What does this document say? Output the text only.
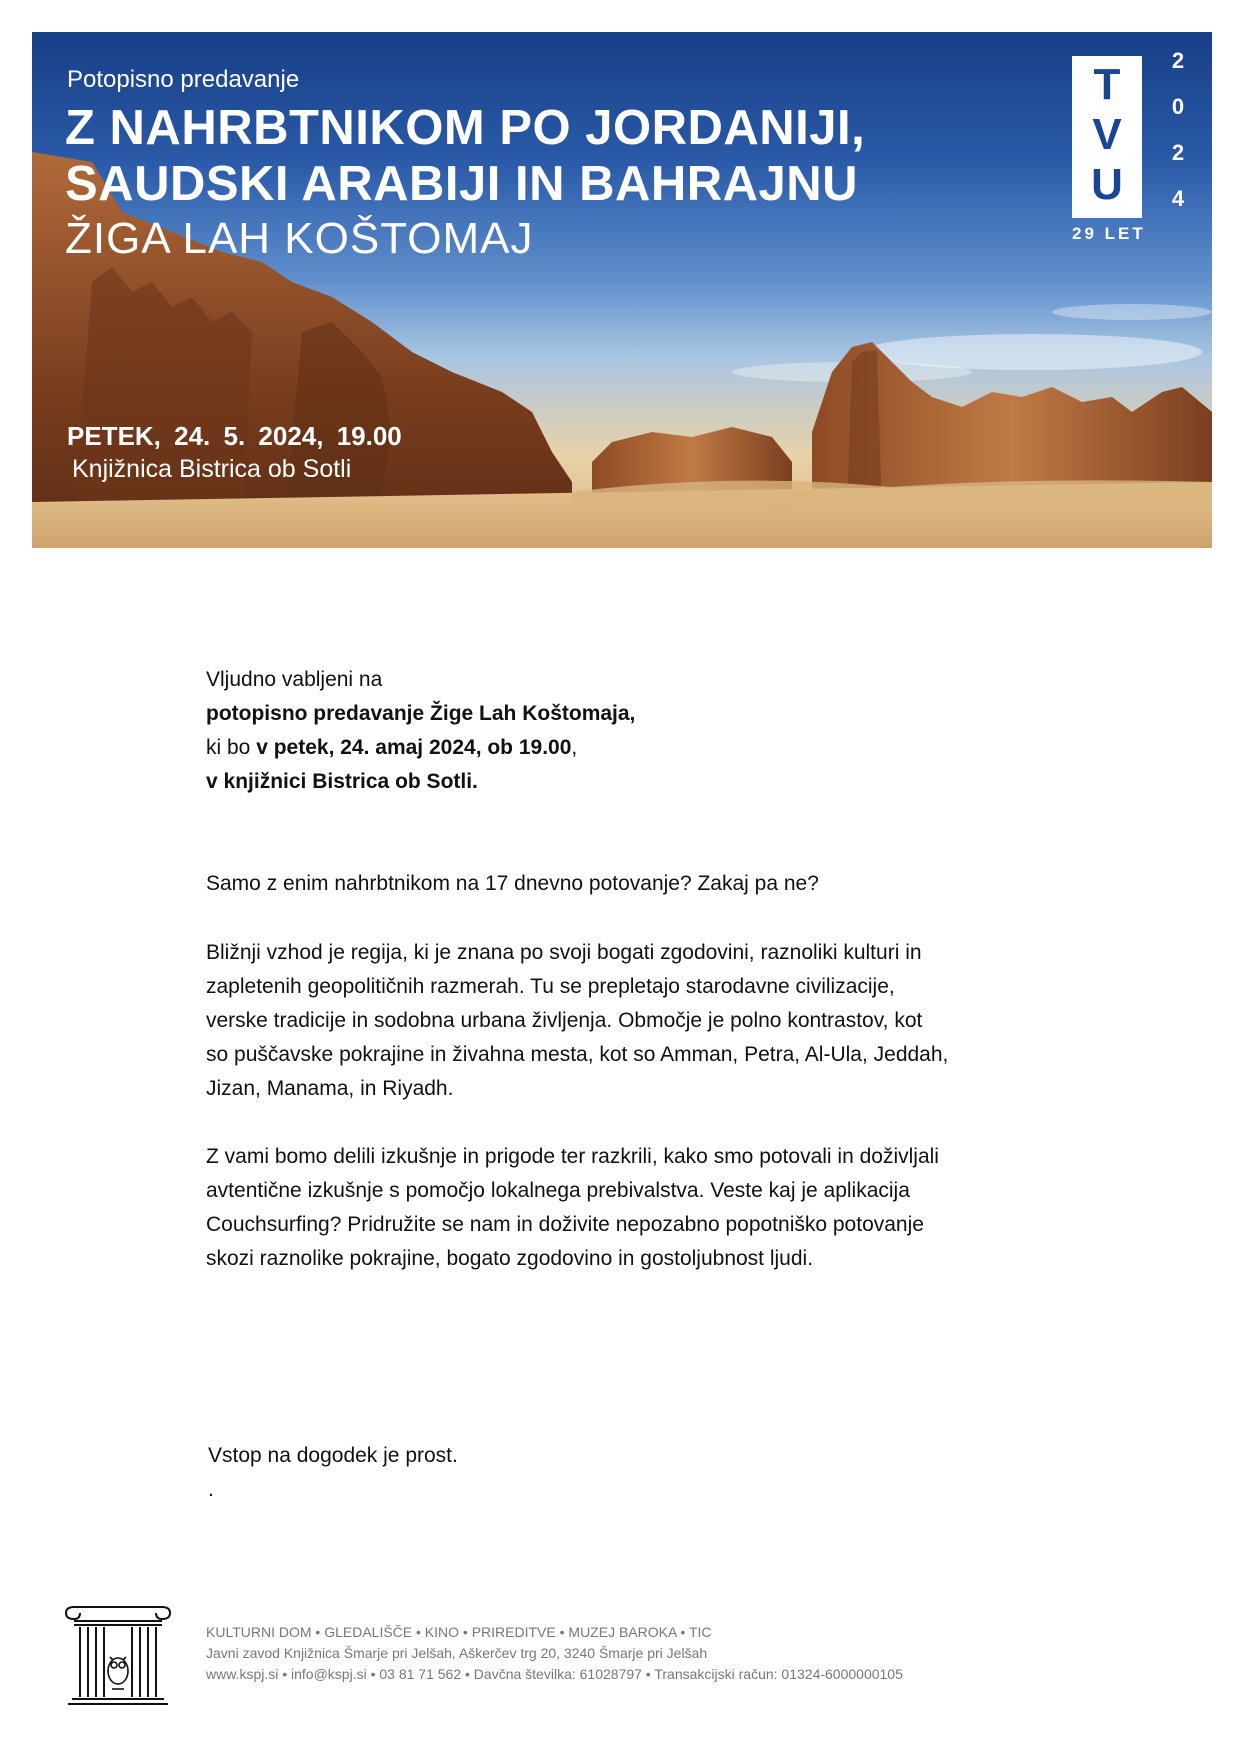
Potopisno predavanje
Z NAHRBTNIKOM PO JORDANIJI,
SAUDSKI ARABIJI IN BAHRAJNU
ŽIGA LAH KOŠTOMAJ
PETEK, 24. 5. 2024, 19.00
Knjižnica Bistrica ob Sotli
T
V
U
2
0
2
4
29 LET

Vljudno vabljeni na

potopisno predavanje Žige Lah Koštomaja,

ki bo v petek, 24. amaj 2024, ob 19.00,

v knjižnici Bistrica ob Sotli.

Samo z enim nahrbtnikom na 17 dnevno potovanje? Zakaj pa ne?

Bližnji vzhod je regija, ki je znana po svoji bogati zgodovini, raznoliki kulturi in

zapletenih geopolitičnih razmerah. Tu se prepletajo starodavne civilizacije,

verske tradicije in sodobna urbana življenja. Območje je polno kontrastov, kot

so puščavske pokrajine in živahna mesta, kot so Amman, Petra, Al-Ula, Jeddah,

Jizan, Manama, in Riyadh.

Z vami bomo delili izkušnje in prigode ter razkrili, kako smo potovali in doživljali

avtentične izkušnje s pomočjo lokalnega prebivalstva. Veste kaj je aplikacija

Couchsurfing? Pridružite se nam in doživite nepozabno popotniško potovanje

skozi raznolike pokrajine, bogato zgodovino in gostoljubnost ljudi.

Vstop na dogodek je prost.

.

KULTURNI DOM • GLEDALIŠČE • KINO • PRIREDITVE • MUZEJ BAROKA • TIC

Javni zavod Knjižnica Šmarje pri Jelšah, Aškerčev trg 20, 3240 Šmarje pri Jelšah

www.kspj.si • info@kspj.si • 03 81 71 562 • Davčna številka: 61028797 • Transakcijski račun: 01324-6000000105
